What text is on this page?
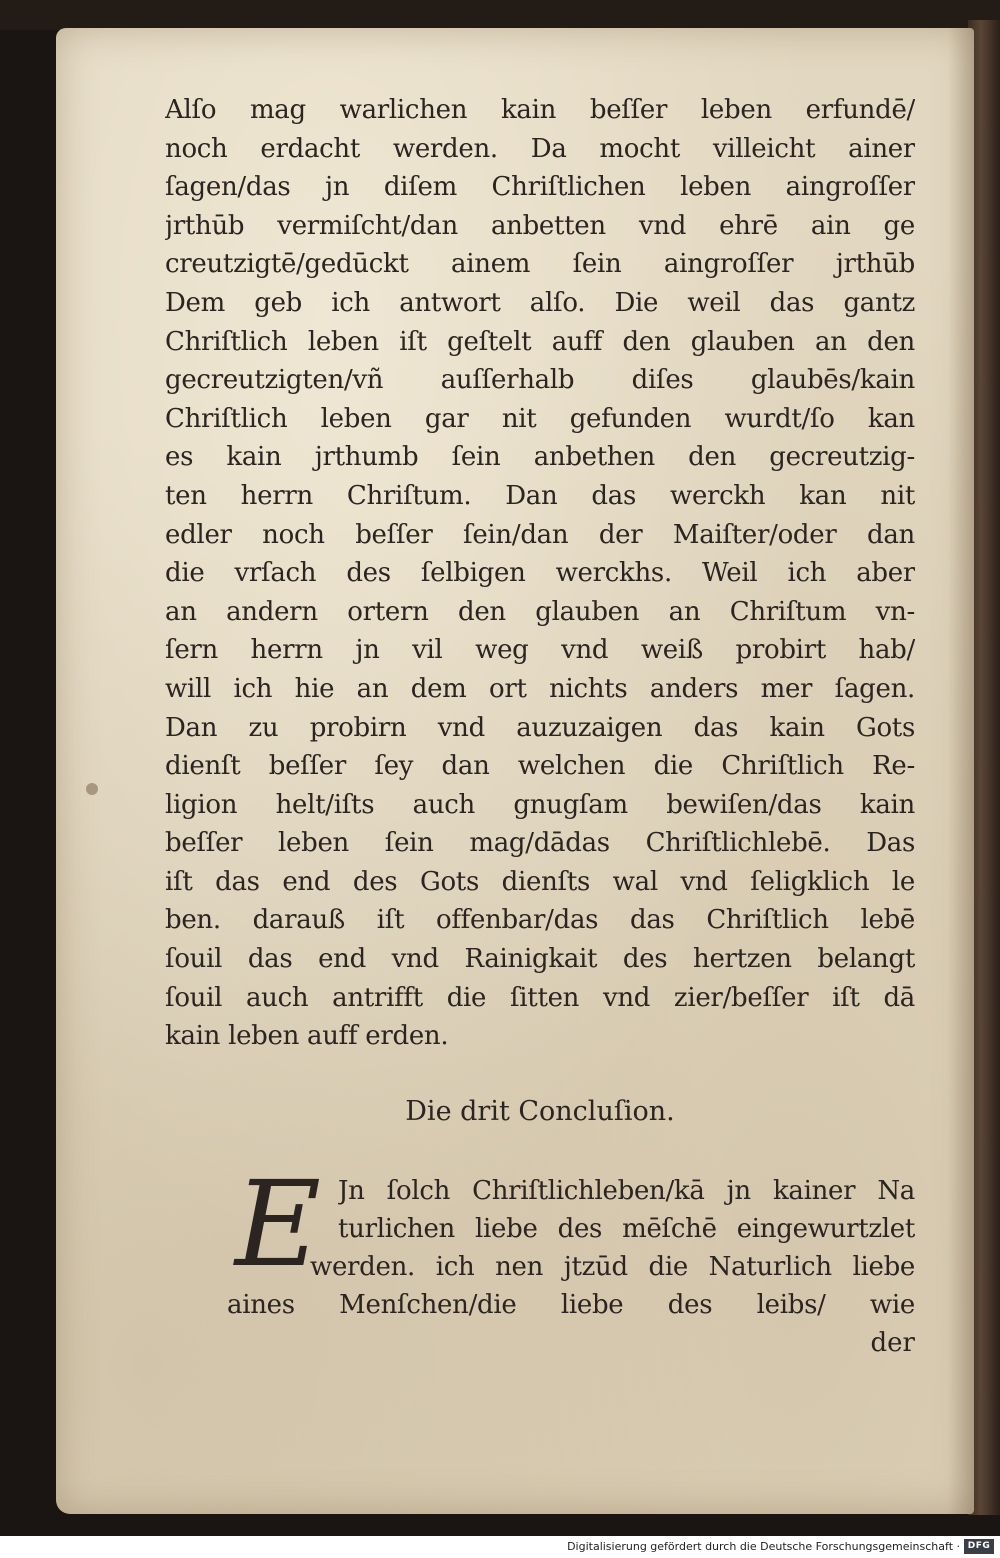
Alſo mag warlichen kain beſſer leben erfundē/
noch erdacht werden. Da mocht villeicht ainer
ſagen/das jn diſem Chriſtlichen leben aingroſſer
jrthūb vermiſcht/dan anbetten vnd ehrē ain ge
creutzigtē/gedūckt ainem ſein aingroſſer jrthūb
Dem geb ich antwort alſo. Die weil das gantz
Chriſtlich leben iſt geſtelt auff den glauben an den
gecreutzigten/vñ auſſerhalb diſes glaubēs/kain
Chriſtlich leben gar nit gefunden wurdt/ſo kan
es kain jrthumb ſein anbethen den gecreutzig-
ten herrn Chriſtum. Dan das werckh kan nit
edler noch beſſer ſein/dan der Maiſter/oder dan
die vrſach des ſelbigen werckhs. Weil ich aber
an andern ortern den glauben an Chriſtum vn-
ſern herrn jn vil weg vnd weiß probirt hab/
will ich hie an dem ort nichts anders mer ſagen.
Dan zu probirn vnd auzuzaigen das kain Gots
dienſt beſſer ſey dan welchen die Chriſtlich Re-
ligion helt/iſts auch gnugſam bewiſen/das kain
beſſer leben ſein mag/dādas Chriſtlichlebē. Das
iſt das end des Gots dienſts wal vnd ſeligklich le
ben. darauß iſt offenbar/das das Chriſtlich lebē
ſouil das end vnd Rainigkait des hertzen belangt
ſouil auch antrifft die ſitten vnd zier/beſſer iſt dā
kain leben auff erden.
Die drit Concluſion.
E Jn ſolch Chriſtlichleben/kā jn kainer Na
turlichen liebe des mēſchē eingewurtzlet
werden. ich nen jtzūd die Naturlich liebe
aines Menſchen/die liebe des leibs/ wie
der
Digitalisierung gefördert durch die Deutsche Forschungsgemeinschaft · DFG
